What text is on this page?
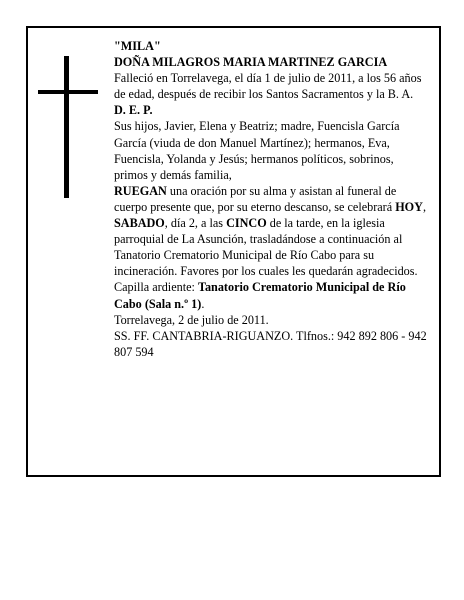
"MILA"

DOÑA MILAGROS MARIA MARTINEZ GARCIA

Falleció en Torrelavega, el día 1 de julio de 2011, a los 56 años

de edad, después de recibir los Santos Sacramentos y la B. A.

D. E. P.

Sus hijos, Javier, Elena y Beatriz; madre, Fuencisla García García (viuda de don Manuel Martínez); hermanos, Eva, Fuencisla, Yolanda y Jesús; hermanos políticos, sobrinos, primos y demás familia,

RUEGAN una oración por su alma y asistan al funeral de cuerpo presente que, por su eterno descanso, se celebrará HOY, SABADO, día 2, a las CINCO de la tarde, en la iglesia parroquial de La Asunción, trasladándose a continuación al Tanatorio Crematorio Municipal de Río Cabo para su incineración. Favores por los cuales les quedarán agradecidos. Capilla ardiente: Tanatorio Crematorio Municipal de Río Cabo (Sala n.º 1).

Torrelavega, 2 de julio de 2011.

SS. FF. CANTABRIA-RIGUANZO. Tlfnos.: 942 892 806 - 942 807 594
